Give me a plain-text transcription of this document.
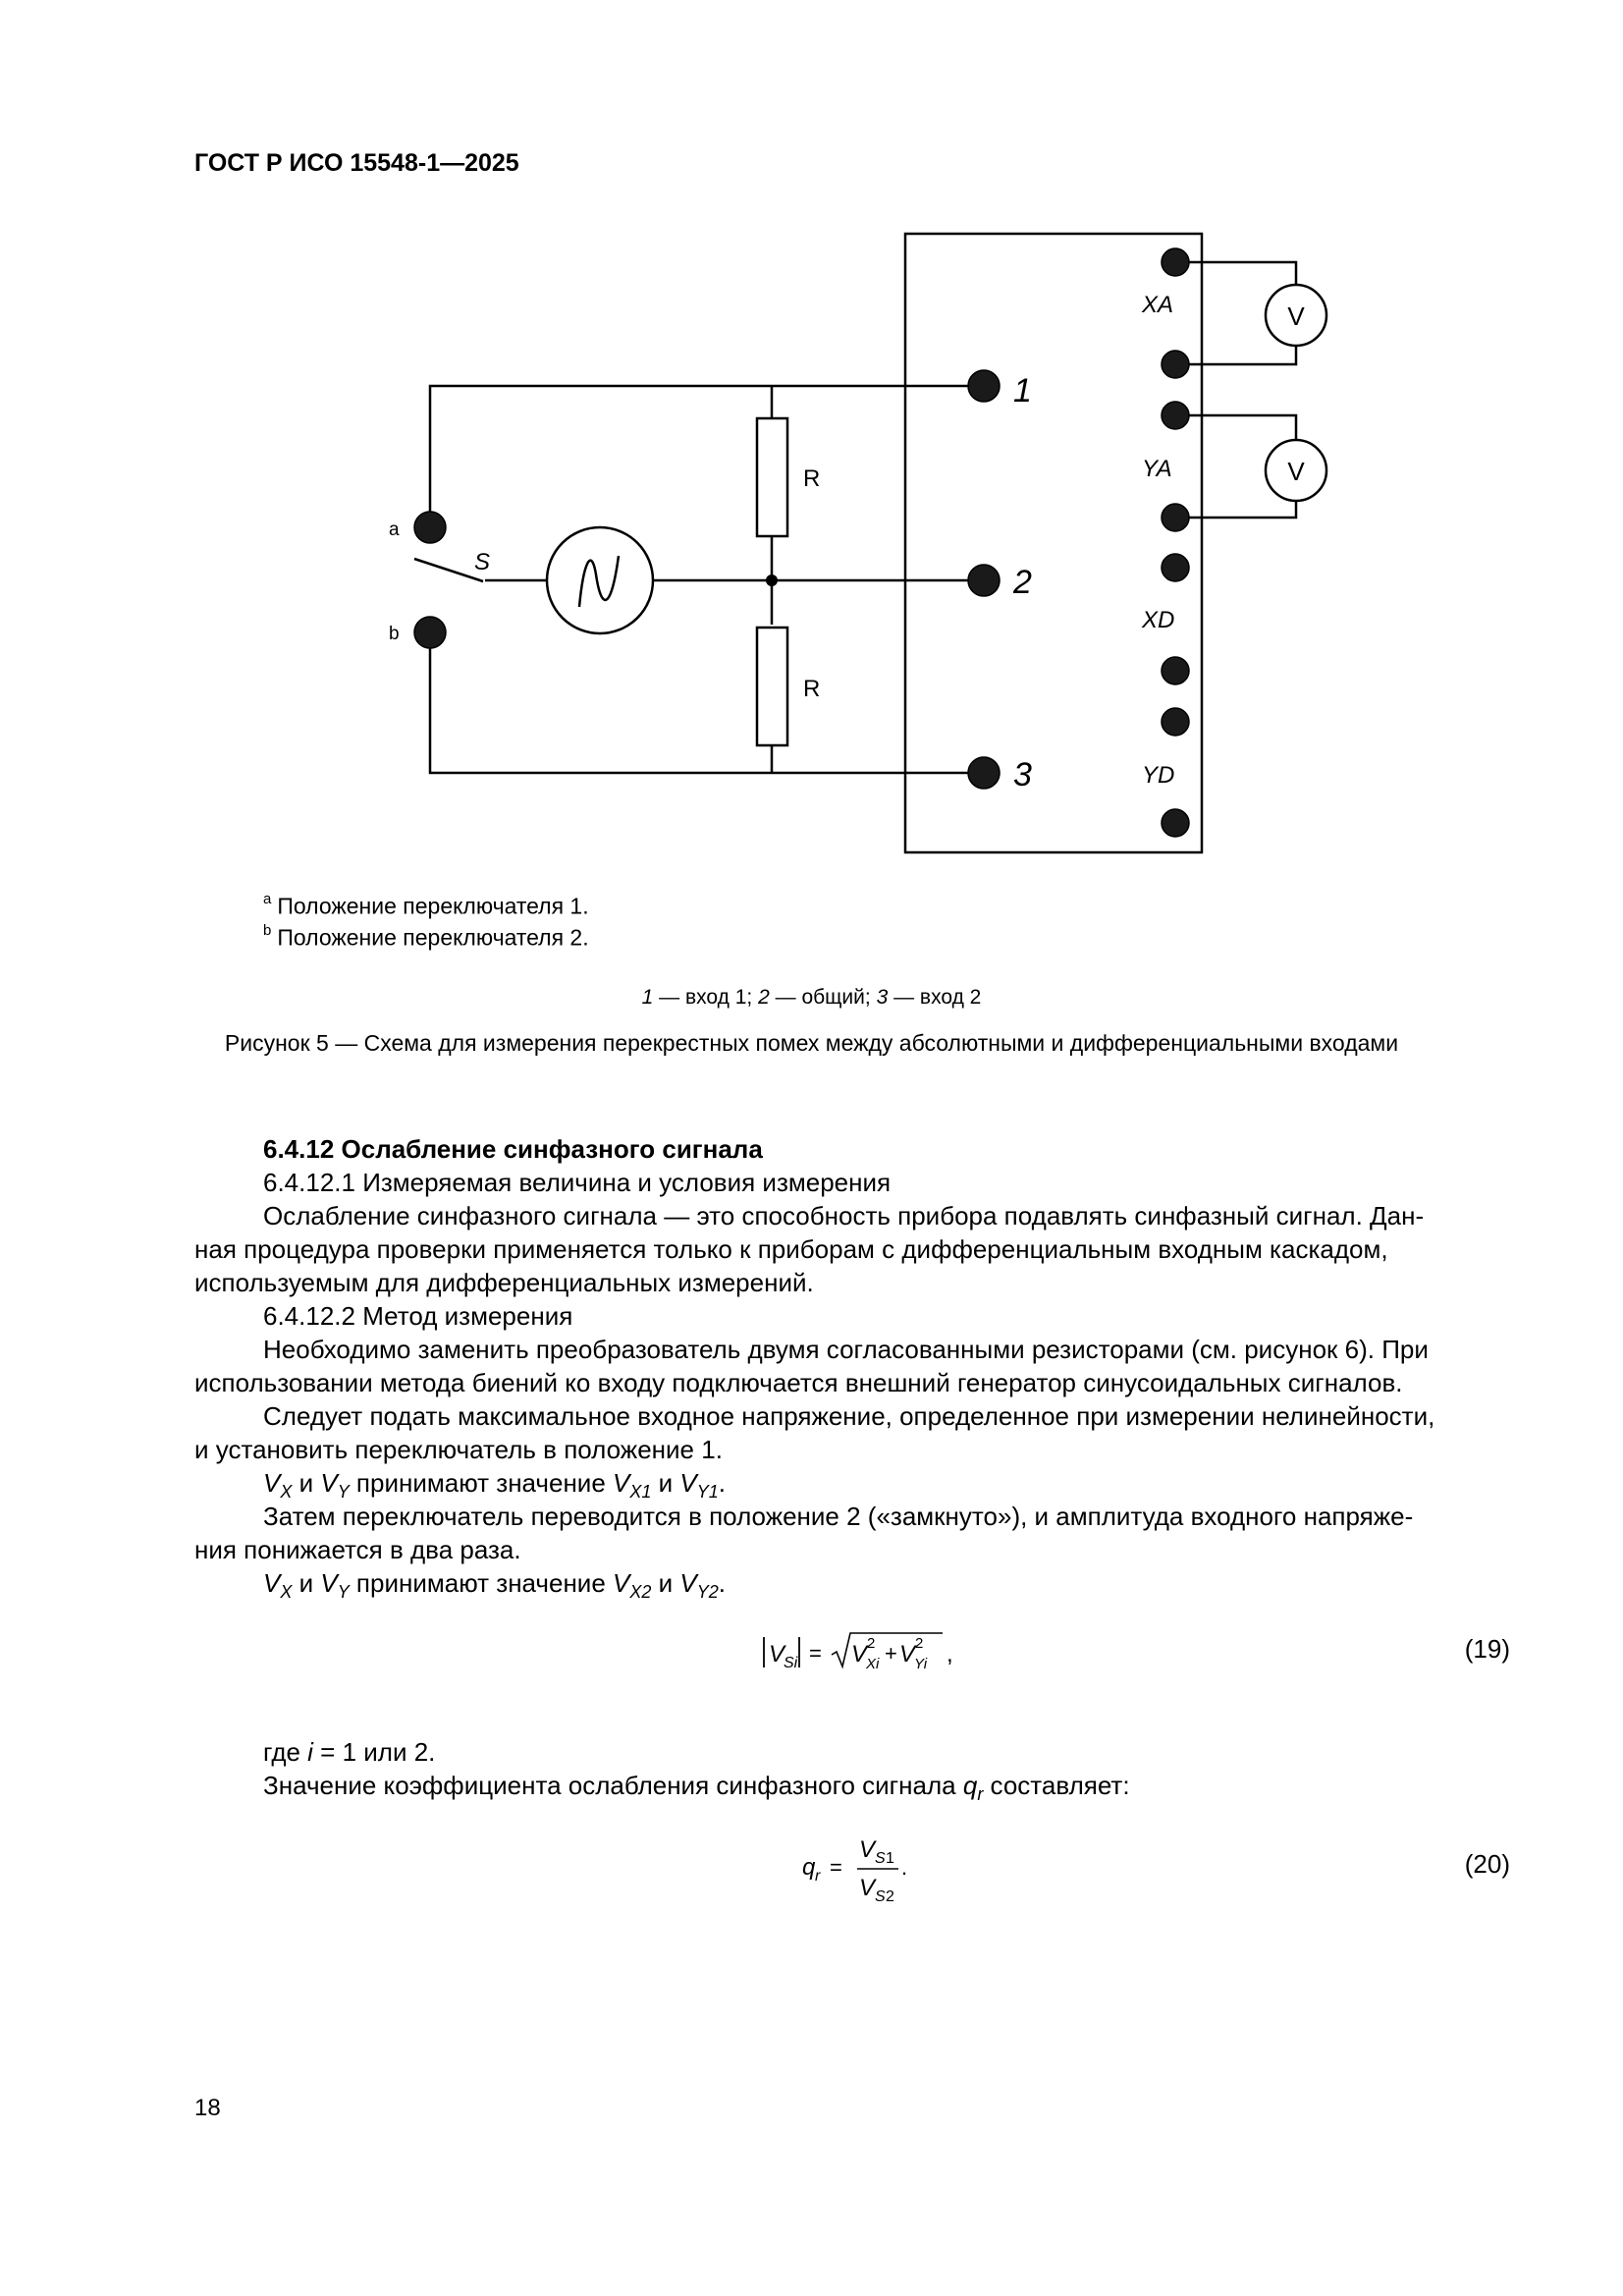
ГОСТ Р ИСО 15548-1—2025
V
V
1
2
3
XA
YA
XD
YD
R
R
S
a
b
$^a$ Положение переключателя 1.
$^b$ Положение переключателя 2.
1 — вход 1; 2 — общий; 3 — вход 2
Рисунок 5 — Схема для измерения перекрестных помех между абсолютными и дифференциальными входами
6.4.12 Ослабление синфазного сигнала
6.4.12.1 Измеряемая величина и условия измерения
Ослабление синфазного сигнала — это способность прибора подавлять синфазный сигнал. Дан-
ная процедура проверки применяется только к приборам с дифференциальным входным каскадом,
используемым для дифференциальных измерений.
6.4.12.2 Метод измерения
Необходимо заменить преобразователь двумя согласованными резисторами (см. рисунок 6). При
использовании метода биений ко входу подключается внешний генератор синусоидальных сигналов.
Следует подать максимальное входное напряжение, определенное при измерении нелинейности,
и установить переключатель в положение 1.
$V_X$ и $V_Y$ принимают значение $V_{X1}$ и $V_{Y1}$.
Затем переключатель переводится в положение 2 («замкнуто»), и амплитуда входного напряже-
ния понижается в два раза.
$V_X$ и $V_Y$ принимают значение $V_{X2}$ и $V_{Y2}$.
V
Si = V 2
Xi + V 2
Yi ,	(19)
где i = 1 или 2.
Значение коэффициента ослабления синфазного сигнала $q_r$ составляет:
q r =
V S 1
V S 2
.	(20)
18
